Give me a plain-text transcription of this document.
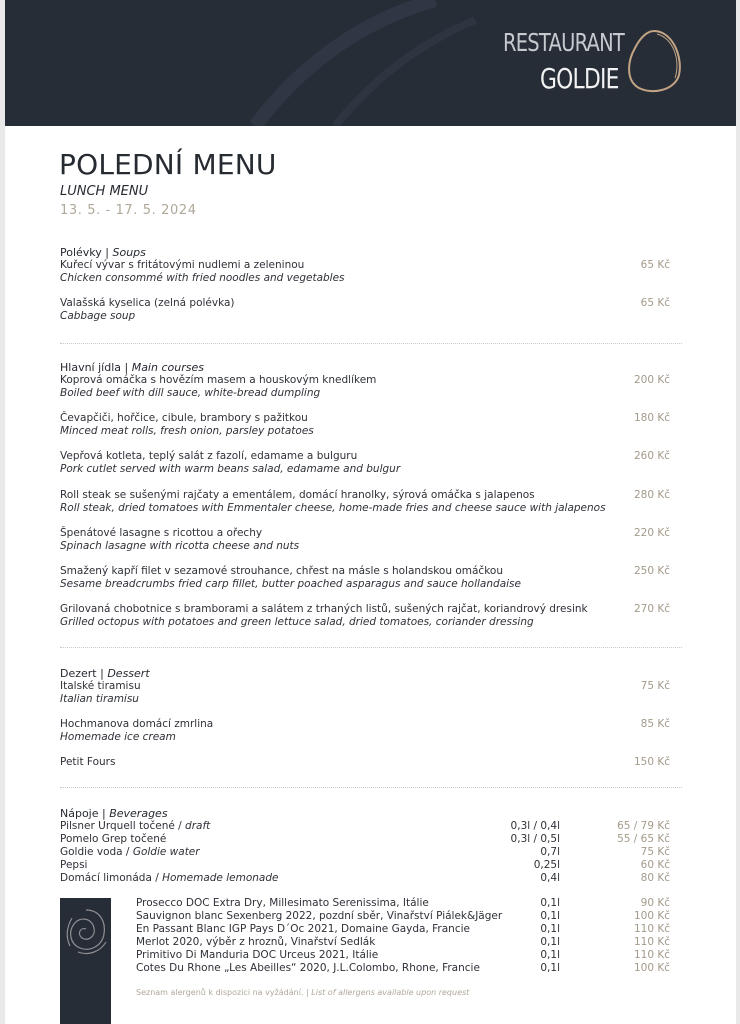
RESTAURANT
GOLDIE
POLEDNÍ MENU
LUNCH MENU
13. 5. - 17. 5. 2024
Polévky | Soups
Kuřecí vývar s fritátovými nudlemi a zeleninou
Chicken consommé with fried noodles and vegetables
65 Kč
Valašská kyselica (zelná polévka)
Cabbage soup
65 Kč
Hlavní jídla | Main courses
Koprová omáčka s hovězím masem a houskovým knedlíkem
Boiled beef with dill sauce, white-bread dumpling
200 Kč
Čevapčiči, hořčice, cibule, brambory s pažitkou
Minced meat rolls, fresh onion, parsley potatoes
180 Kč
Vepřová kotleta, teplý salát z fazolí, edamame a bulguru
Pork cutlet served with warm beans salad, edamame and bulgur
260 Kč
Roll steak se sušenými rajčaty a ementálem, domácí hranolky, sýrová omáčka s jalapenos
Roll steak, dried tomatoes with Emmentaler cheese, home-made fries and cheese sauce with jalapenos
280 Kč
Špenátové lasagne s ricottou a ořechy
Spinach lasagne with ricotta cheese and nuts
220 Kč
Smažený kapří filet v sezamové strouhance, chřest na másle s holandskou omáčkou
Sesame breadcrumbs fried carp fillet, butter poached asparagus and sauce hollandaise
250 Kč
Grilovaná chobotnice s bramborami a salátem z trhaných listů, sušených rajčat, koriandrový dresink
Grilled octopus with potatoes and green lettuce salad, dried tomatoes, coriander dressing
270 Kč
Dezert | Dessert
Italské tiramisu
Italian tiramisu
75 Kč
Hochmanova domácí zmrlina
Homemade ice cream
85 Kč
Petit Fours	150 Kč
Nápoje | Beverages
Pilsner Urquell točené / draft	0,3l / 0,4l	65 / 79 Kč
Pomelo Grep točené	0,3l / 0,5l	55 / 65 Kč
Goldie voda / Goldie water	0,7l	75 Kč
Pepsi	0,25l	60 Kč
Domácí limonáda / Homemade lemonade	0,4l	80 Kč
Prosecco DOC Extra Dry, Millesimato Serenissima, Itálie	0,1l	90 Kč
Sauvignon blanc Sexenberg 2022, pozdní sběr, Vinařství Piálek&Jäger	0,1l	100 Kč
En Passant Blanc IGP Pays D´Oc 2021, Domaine Gayda, Francie	0,1l	110 Kč
Merlot 2020, výběr z hroznů, Vinařství Sedlák	0,1l	110 Kč
Primitivo Di Manduria DOC Urceus 2021, Itálie	0,1l	110 Kč
Cotes Du Rhone „Les Abeilles“ 2020, J.L.Colombo, Rhone, Francie	0,1l	100 Kč
Seznam alergenů k dispozici na vyžádání. | List of allergens available upon request
